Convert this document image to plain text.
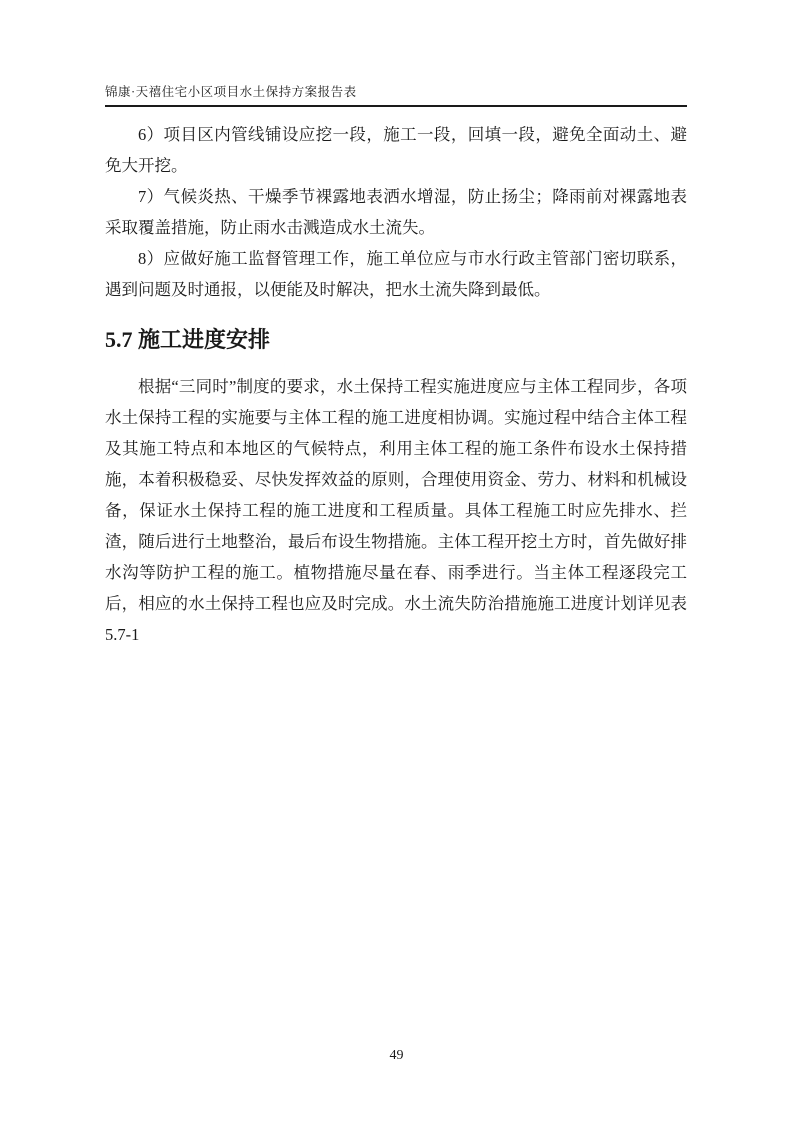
锦康·天禧住宅小区项目水土保持方案报告表

6）项目区内管线铺设应挖一段，施工一段，回填一段，避免全面动土、避免大开挖。

7）气候炎热、干燥季节裸露地表洒水增湿，防止扬尘；降雨前对裸露地表采取覆盖措施，防止雨水击溅造成水土流失。

8）应做好施工监督管理工作，施工单位应与市水行政主管部门密切联系，遇到问题及时通报，以便能及时解决，把水土流失降到最低。

5.7 施工进度安排

根据“三同时”制度的要求，水土保持工程实施进度应与主体工程同步，各项水土保持工程的实施要与主体工程的施工进度相协调。实施过程中结合主体工程及其施工特点和本地区的气候特点，利用主体工程的施工条件布设水土保持措施，本着积极稳妥、尽快发挥效益的原则，合理使用资金、劳力、材料和机械设备，保证水土保持工程的施工进度和工程质量。具体工程施工时应先排水、拦渣，随后进行土地整治，最后布设生物措施。主体工程开挖土方时，首先做好排水沟等防护工程的施工。植物措施尽量在春、雨季进行。当主体工程逐段完工后，相应的水土保持工程也应及时完成。水土流失防治措施施工进度计划详见表 5.7-1

49
